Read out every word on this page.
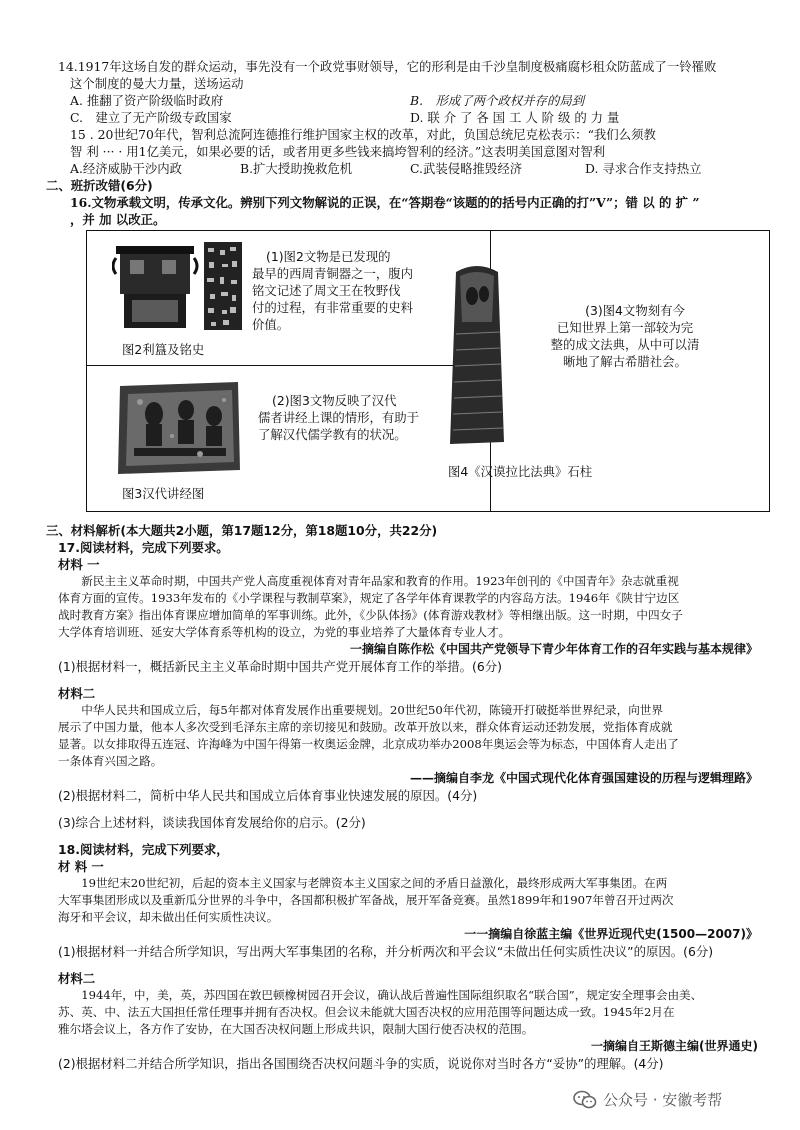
14.1917年这场自发的群众运动，事先没有一个政党事财领导，它的形利是由千沙皇制度极痛腐杉租众防蓝成了一铃罹败
这个制度的曼大力量，送场运动
A. 推翻了资产阶级临时政府	B.　形成了两个政权并存的局到
C.　建立了无产阶级专政国家	D. 联 介 了 各 国 工 人 阶 级 的 力 量
15 . 20世纪70年代，智利总流阿连德推行维护国家主权的改革，对此，负国总统尼克松表示：“我们么须教
智 利 ··· · 用1亿美元，如果必要的话，或者用更多些钱来搞垮智利的经济。”这表明美国意图对智利
A.经济威胁干沙内政	B.扩大授助挽救危机	C.武装侵略推毁经济	D. 寻求合作支持热立
二、班折改错(6分)
16.文物承载文明，传承文化。辨别下列文物解说的正误，在“答期卷“该题的的括号内正确的打”V”；错 以 的 扩 ”
，并 加 以改正。
(1)图2文物是已发现的
最早的西周青铜器之一，腹内
铭文记述了周文王在牧野伐
付的过程，有非常重要的史料
价值。
图2利簋及铭史
(2)图3文物反映了汉代
儒者讲经上课的情形，有助于
了解汉代儒学教有的状况。
图3汉代讲经图
(3)图4文物刻有今
已知世界上第一部较为完
整的成文法典，从中可以清
晰地了解古希腊社会。
图4《汉谟拉比法典》石柱
三、材料解析(本大题共2小题，第17题12分，第18题10分，共22分)
17.阅读材料，完成下列要求。
材料 一
新民主主义革命时期，中国共产党人高度重视体育对青年品家和教育的作用。1923年创刊的《中国青年》杂志就重视
体育方面的宣传。1933年发布的《小学课程与教制草案》，规定了各学年体育课教学的内容岛方法。1946年《陕甘宁边区
战时教育方案》指出体育课应增加简单的军事训练。此外，《少队体扬》(体育游戏教材》等相继出版。这一时期，中四女子
大学体育培训班、延安大学体育系等机构的设立，为党的事业培养了大量体育专业人才。
一摘编自陈作松《中国共产党领导下青少年体育工作的召年实践与基本规律》
(1)根据材料一，概括新民主主义革命时期中国共产党开展体育工作的举措。(6分)
材料二
中华人民共和国成立后，每5年都对体育发展作出重要规划。20世纪50年代初，陈镜开打破挺举世界纪录，向世界
展示了中国力量，他本人多次受到毛泽东主席的亲切接见和鼓励。改革开放以来，群众体育运动还勃发展，党指体育成就
显著。以女排取得五连冠、许海峰为中国午得第一枚奥运金牌，北京成功举办2008年奥运会等为标态，中国体育人走出了
一条体育兴国之路。
——摘编自李龙《中国式现代化体育强国建设的历程与逻辑理路》
(2)根据材料二，简析中华人民共和国成立后体育事业快速发展的原因。(4分)
(3)综合上述材料，谈读我国体育发展给你的启示。(2分)
18.阅读材料，完成下列要求，
材 料 一
19世纪末20世纪初，后起的资本主义国家与老牌资本主义国家之间的矛盾日益激化，最终形成两大军事集团。在两
大军事集团形成以及重新瓜分世界的斗争中，各国都积极扩军备战，展开军备竞赛。虽然1899年和1907年曾召开过两次
海牙和平会议，却未做出任何实质性决议。
一一摘编自徐蓝主编《世界近现代史(1500—2007)》
(1)根据材料一并结合所学知识，写出两大军事集团的名称，并分析两次和平会议“未做出任何实质性决议”的原因。(6分)
材料二
1944年，中，美，英，苏四国在敦巴顿橡树园召开会议，确认战后普遍性国际组织取名“联合国”，规定安全理事会由美、
苏、英、中、法五大国担任常任理事并拥有否决权。但会议未能就大国否决权的应用范围等问题达成一致。1945年2月在
雅尔塔会议上，各方作了安协，在大国否决权问题上形成共识，限制大国行使否决权的范围。
一摘编自王斯德主编(世界通史)
(2)根据材料二并结合所学知识，指出各国围绕否决权问题斗争的实质，说说你对当时各方“妥协”的理解。(4分)
公众号 · 安徽考帮
